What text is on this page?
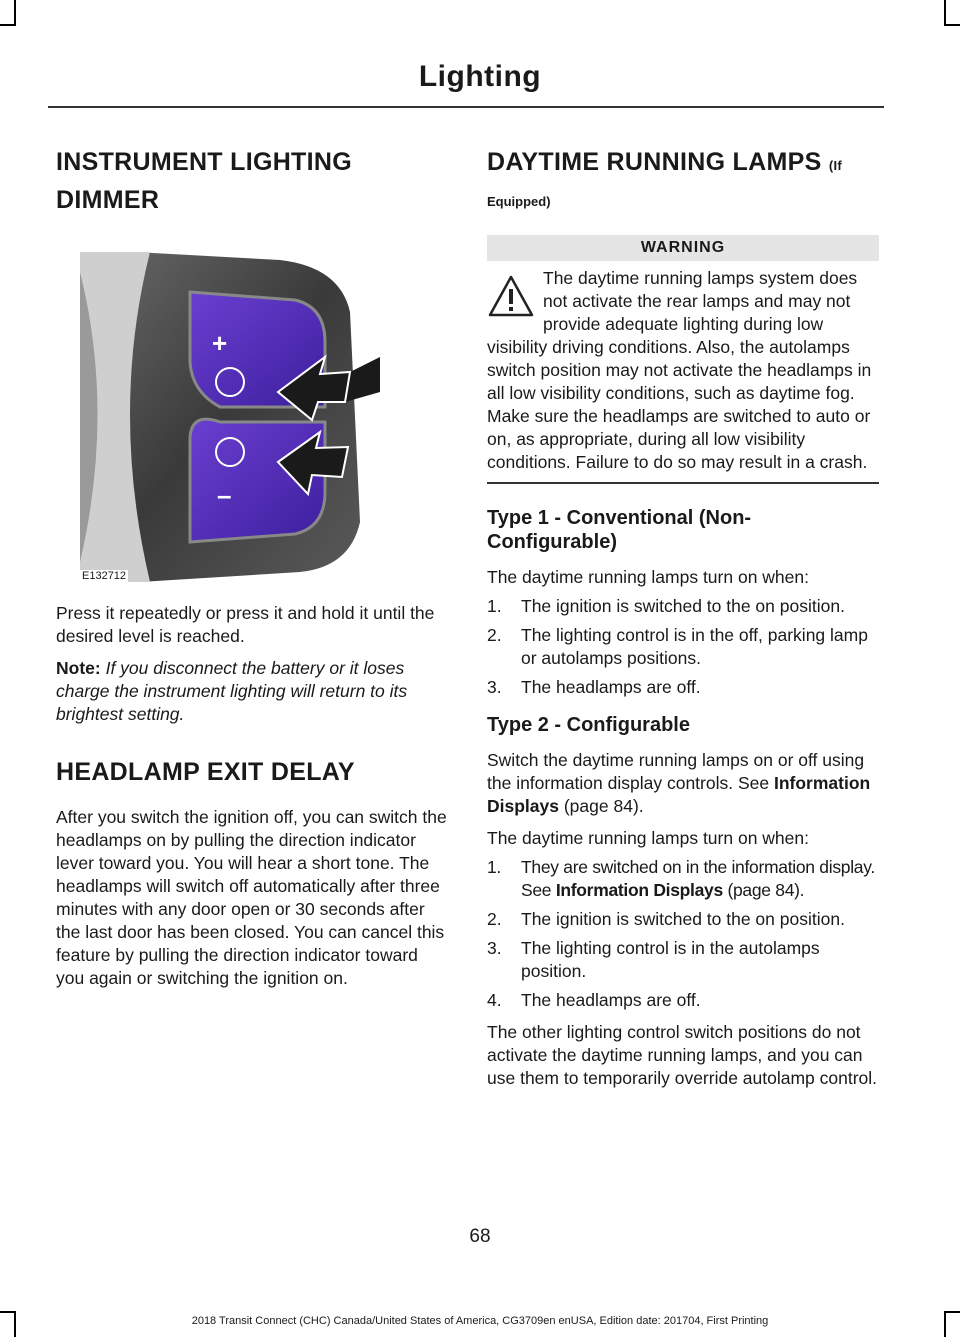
Lighting
INSTRUMENT LIGHTING
DIMMER
+
–
E132712

Press it repeatedly or press it and hold it until the desired level is reached.

Note: If you disconnect the battery or it loses charge the instrument lighting will return to its brightest setting.

HEADLAMP EXIT DELAY

After you switch the ignition off, you can switch the headlamps on by pulling the direction indicator lever toward you. You will hear a short tone. The headlamps will switch off automatically after three minutes with any door open or 30 seconds after the last door has been closed. You can cancel this feature by pulling the direction indicator toward you again or switching the ignition on.

DAYTIME RUNNING LAMPS (If
Equipped)
WARNING
The daytime running lamps system does not activate the rear lamps and may not provide adequate lighting during low visibility driving conditions. Also, the autolamps switch position may not activate the headlamps in all low visibility conditions, such as daytime fog. Make sure the headlamps are switched to auto or on, as appropriate, during all low visibility conditions. Failure to do so may result in a crash.
Type 1 - Conventional (Non-Configurable)

The daytime running lamps turn on when:

1. The ignition is switched to the on position.
2. The lighting control is in the off, parking lamp or autolamps positions.
3. The headlamps are off.
Type 2 - Configurable

Switch the daytime running lamps on or off using the information display controls. See Information Displays (page 84).

The daytime running lamps turn on when:

1. They are switched on in the information display. See Information Displays (page 84).
2. The ignition is switched to the on position.
3. The lighting control is in the autolamps position.
4. The headlamps are off.

The other lighting control switch positions do not activate the daytime running lamps, and you can use them to temporarily override autolamp control.

68
2018 Transit Connect (CHC) Canada/United States of America, CG3709en enUSA, Edition date: 201704, First Printing
